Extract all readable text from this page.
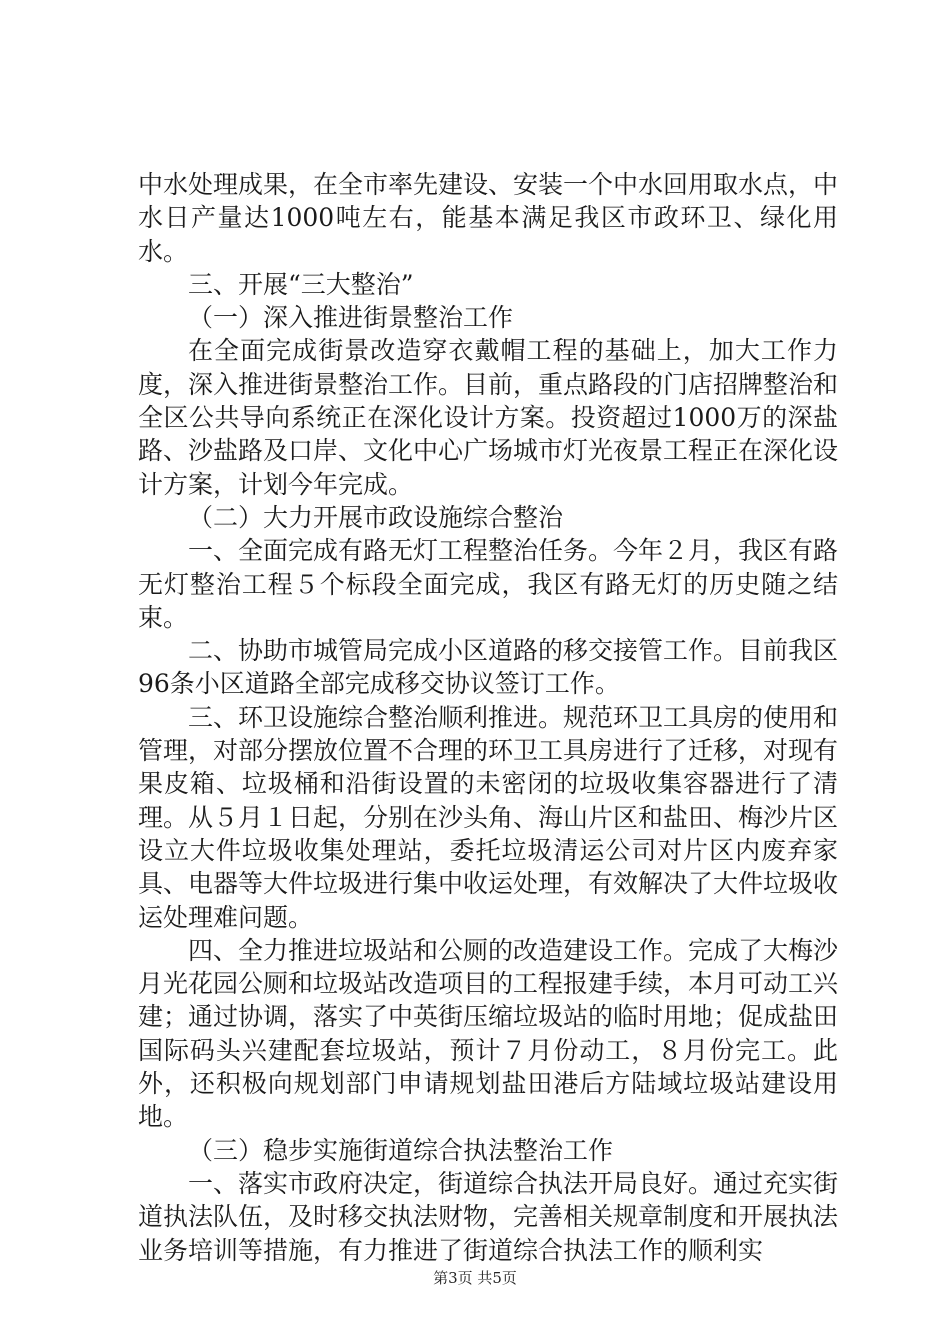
中水处理成果，在全市率先建设、安装一个中水回用取水点，中水日产量达1000吨左右，能基本满足我区市政环卫、绿化用水。

三、开展“三大整治”

（一）深入推进街景整治工作

在全面完成街景改造穿衣戴帽工程的基础上，加大工作力度，深入推进街景整治工作。目前，重点路段的门店招牌整治和全区公共导向系统正在深化设计方案。投资超过1000万的深盐路、沙盐路及口岸、文化中心广场城市灯光夜景工程正在深化设计方案，计划今年完成。

（二）大力开展市政设施综合整治

一、全面完成有路无灯工程整治任务。今年２月，我区有路无灯整治工程５个标段全面完成，我区有路无灯的历史随之结束。

二、协助市城管局完成小区道路的移交接管工作。目前我区96条小区道路全部完成移交协议签订工作。

三、环卫设施综合整治顺利推进。规范环卫工具房的使用和管理，对部分摆放位置不合理的环卫工具房进行了迁移，对现有果皮箱、垃圾桶和沿街设置的未密闭的垃圾收集容器进行了清理。从５月１日起，分别在沙头角、海山片区和盐田、梅沙片区设立大件垃圾收集处理站，委托垃圾清运公司对片区内废弃家具、电器等大件垃圾进行集中收运处理，有效解决了大件垃圾收运处理难问题。

四、全力推进垃圾站和公厕的改造建设工作。完成了大梅沙月光花园公厕和垃圾站改造项目的工程报建手续，本月可动工兴建；通过协调，落实了中英街压缩垃圾站的临时用地；促成盐田国际码头兴建配套垃圾站，预计７月份动工，８月份完工。此外，还积极向规划部门申请规划盐田港后方陆域垃圾站建设用地。

（三）稳步实施街道综合执法整治工作

一、落实市政府决定，街道综合执法开局良好。通过充实街道执法队伍，及时移交执法财物，完善相关规章制度和开展执法业务培训等措施，有力推进了街道综合执法工作的顺利实

第3页 共5页
